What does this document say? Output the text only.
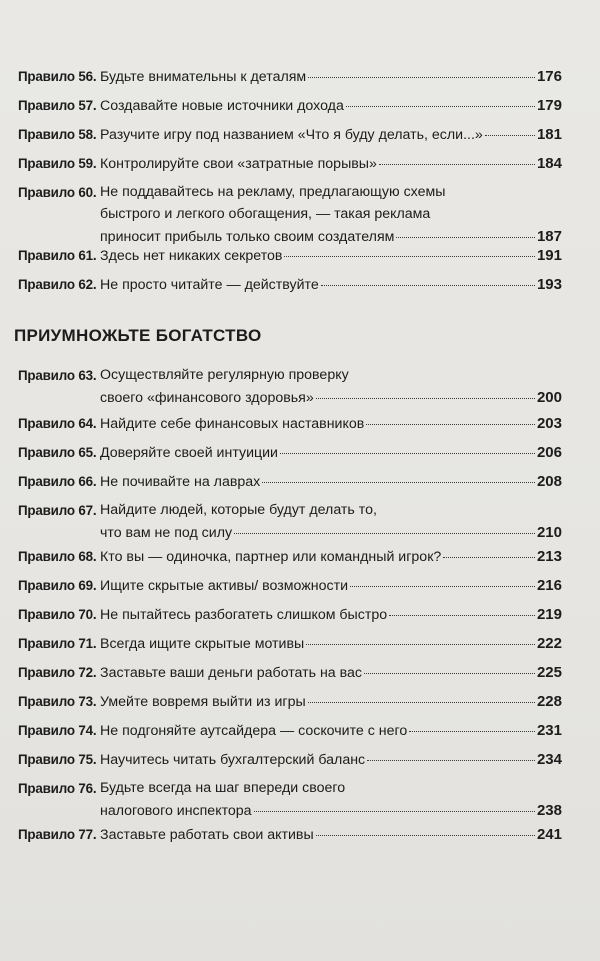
ПРИУМНОЖЬТЕ БОГАТСТВО
Правило 56. Будьте внимательны к деталям	176
Правило 57. Создавайте новые источники дохода	179
Правило 58. Разучите игру под названием «Что я буду делать, если...»	181
Правило 59. Контролируйте свои «затратные порывы»	184
Правило 60. Не поддавайтесь на рекламу, предлагающую схемы
быстрого и легкого обогащения, — такая реклама
приносит прибыль только своим создателям	187
Правило 61. Здесь нет никаких секретов	191
Правило 62. Не просто читайте — действуйте	193
Правило 63. Осуществляйте регулярную проверку
своего «финансового здоровья»	200
Правило 64. Найдите себе финансовых наставников	203
Правило 65. Доверяйте своей интуиции	206
Правило 66. Не почивайте на лаврах	208
Правило 67. Найдите людей, которые будут делать то,
что вам не под силу	210
Правило 68. Кто вы — одиночка, партнер или командный игрок?	213
Правило 69. Ищите скрытые активы/ возможности	216
Правило 70. Не пытайтесь разбогатеть слишком быстро	219
Правило 71. Всегда ищите скрытые мотивы	222
Правило 72. Заставьте ваши деньги работать на вас	225
Правило 73. Умейте вовремя выйти из игры	228
Правило 74. Не подгоняйте аутсайдера — соскочите с него	231
Правило 75. Научитесь читать бухгалтерский баланс	234
Правило 76. Будьте всегда на шаг впереди своего
налогового инспектора	238
Правило 77. Заставьте работать свои активы	241
